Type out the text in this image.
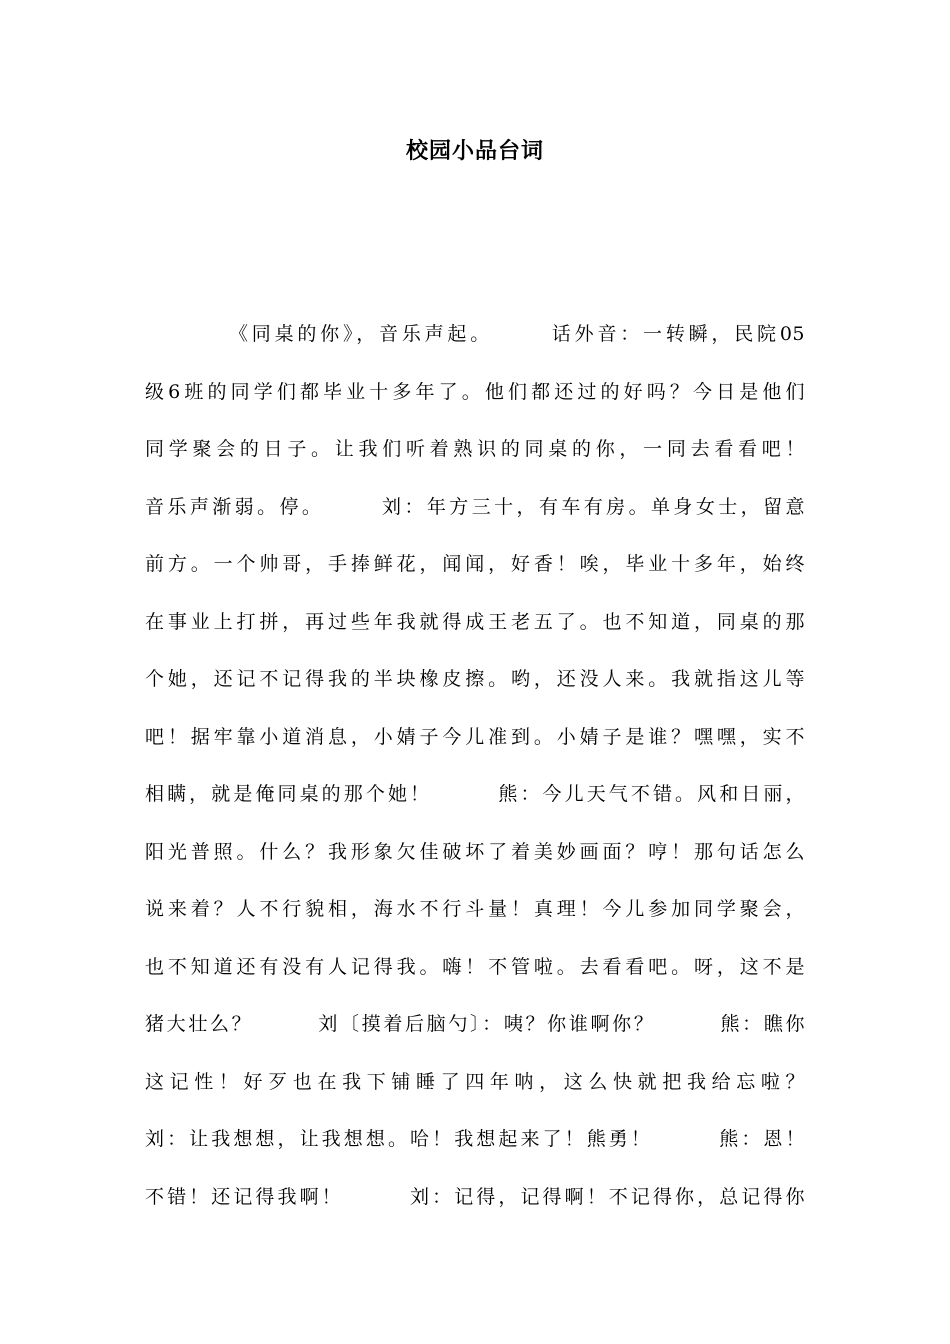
校园小品台词
《同桌的你》，音乐声起。　　　话外音：一转瞬，民院05
级6班的同学们都毕业十多年了。他们都还过的好吗？今日是他们
同学聚会的日子。让我们听着熟识的同桌的你，一同去看看吧！
音乐声渐弱。停。　　　刘：年方三十，有车有房。单身女士，留意
前方。一个帅哥，手捧鲜花，闻闻，好香！唉，毕业十多年，始终
在事业上打拼，再过些年我就得成王老五了。也不知道，同桌的那
个她，还记不记得我的半块橡皮擦。哟，还没人来。我就指这儿等
吧！据牢靠小道消息，小婧子今儿准到。小婧子是谁？嘿嘿，实不
相瞒，就是俺同桌的那个她！　　　熊：今儿天气不错。风和日丽，
阳光普照。什么？我形象欠佳破坏了着美妙画面？哼！那句话怎么
说来着？人不行貌相，海水不行斗量！真理！今儿参加同学聚会，
也不知道还有没有人记得我。嗨！不管啦。去看看吧。呀，这不是
猪大壮么？　　　刘〔摸着后脑勺〕：咦？你谁啊你？　　　熊：瞧你
这记性！好歹也在我下铺睡了四年呐，这么快就把我给忘啦？
刘：让我想想，让我想想。哈！我想起来了！熊勇！　　　熊：恩！
不错！还记得我啊！　　　刘：记得，记得啊！不记得你，总记得你
